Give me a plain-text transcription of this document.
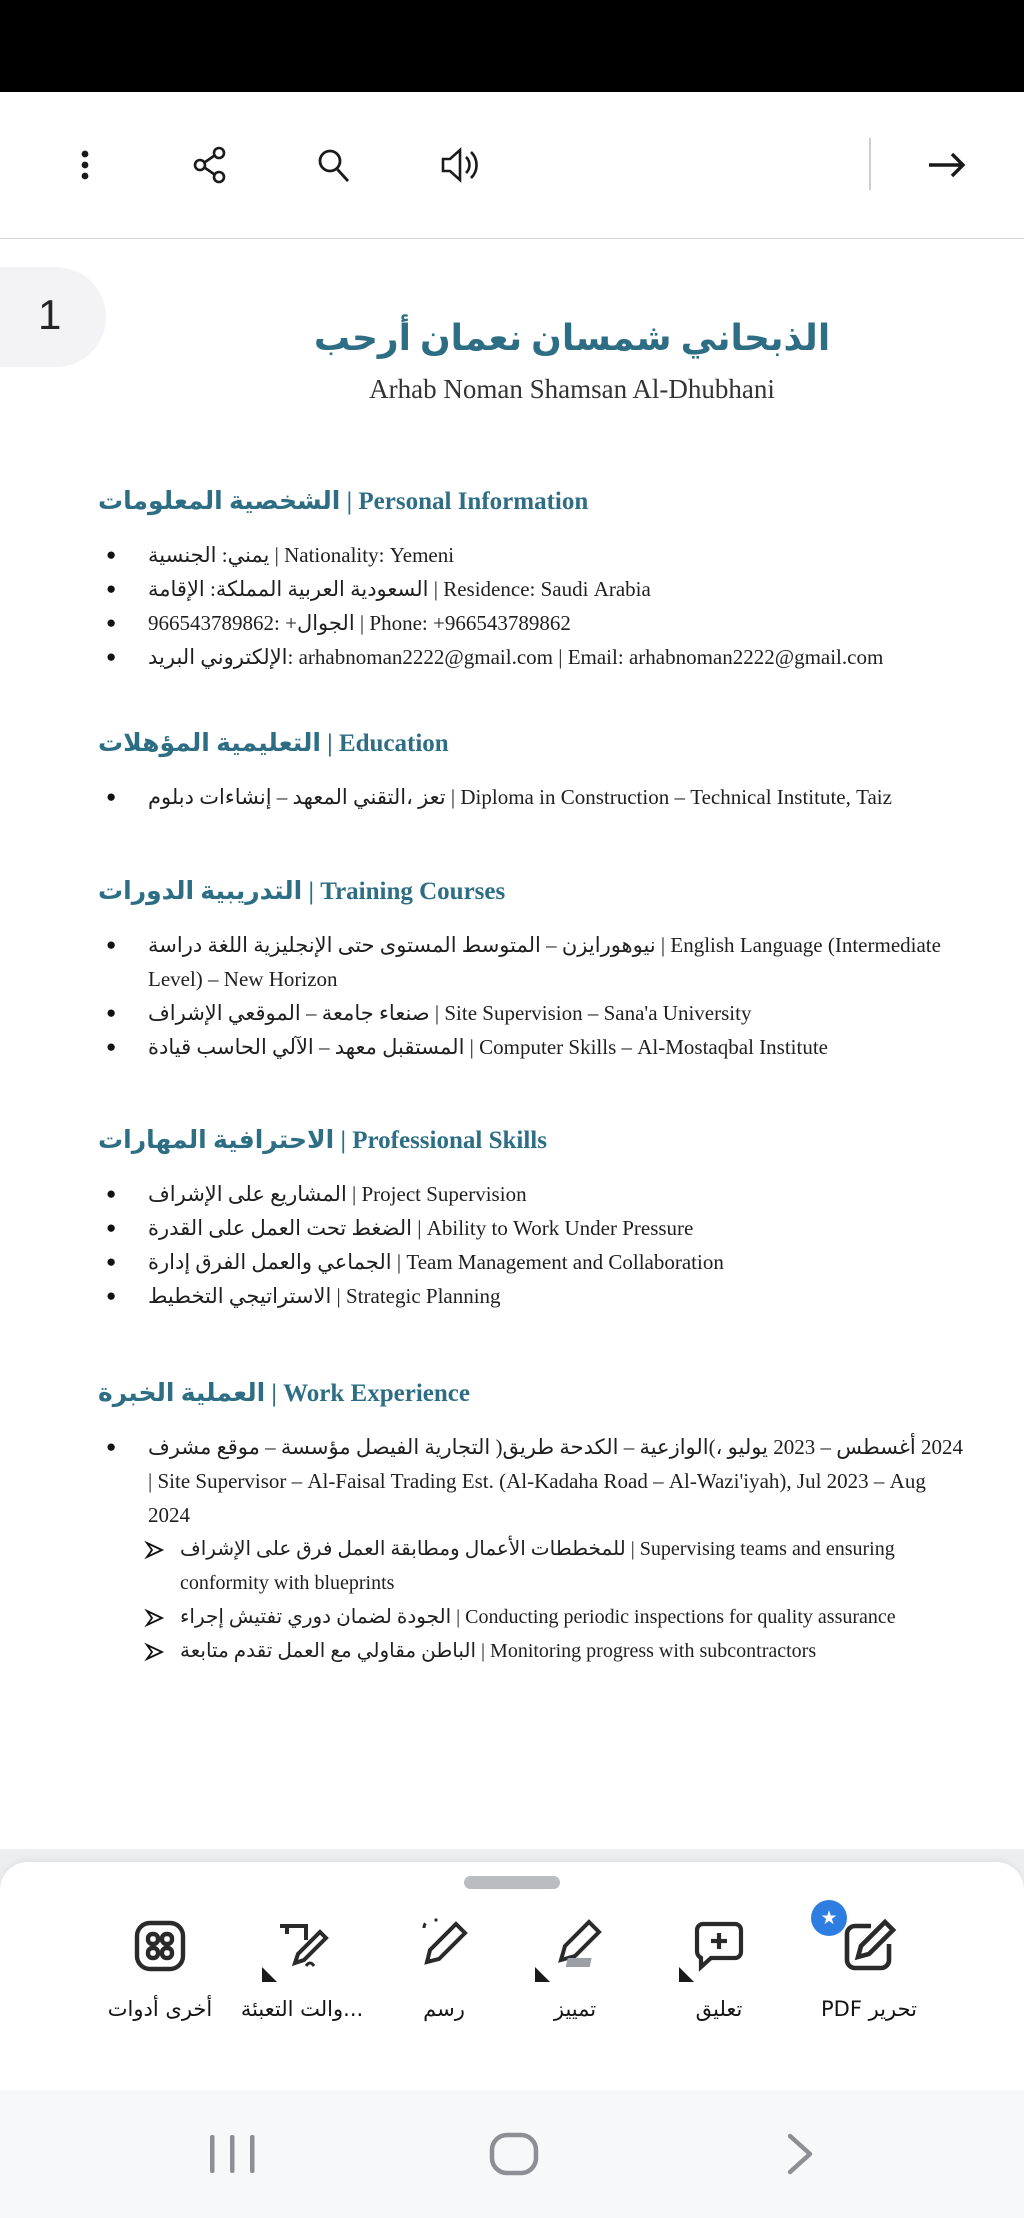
1	أرحب نعمان شمسان الذبحاني
Arhab Noman Shamsan Al-Dhubhani
المعلومات الشخصية | Personal Information
●	الجنسية :يمني | Nationality: Yemeni
●	الإقامة :المملكة العربية السعودية | Residence: Saudi Arabia
●	966543789862: +الجوال | Phone: +966543789862
●	البريد الإلكتروني: arhabnoman2222@gmail.com | Email: arhabnoman2222@gmail.com
المؤهلات التعليمية | Education
●	دبلوم إنشاءات – المعهد التقني، تعز | Diploma in Construction – Technical Institute, Taiz
الدورات التدريبية | Training Courses
●	دراسة اللغة الإنجليزية حتى المستوى المتوسط – نيوهورايزن | English Language (Intermediate Level) – New Horizon
●	الإشراف الموقعي – جامعة صنعاء | Site Supervision – Sana'a University
●	قيادة الحاسب الآلي – معهد المستقبل | Computer Skills – Al-Mostaqbal Institute
المهارات الاحترافية | Professional Skills
●	الإشراف على المشاريع | Project Supervision
●	القدرة على العمل تحت الضغط | Ability to Work Under Pressure
●	إدارة الفرق والعمل الجماعي | Team Management and Collaboration
●	التخطيط الاستراتيجي | Strategic Planning
الخبرة العملية | Work Experience
●	مشرف موقع – مؤسسة الفيصل التجارية )طريق الكدحة – الوازعية(، يوليو 2023 – أغسطس 2024 | Site Supervisor – Al-Faisal Trading Est. (Al-Kadaha Road – Al-Wazi'iyah), Jul 2023 – Aug 2024
الإشراف على فرق العمل ومطابقة الأعمال للمخططات | Supervising teams and ensuring conformity with blueprints
إجراء تفتيش دوري لضمان الجودة | Conducting periodic inspections for quality assurance
متابعة تقدم العمل مع مقاولي الباطن | Monitoring progress with subcontractors
أدوات أخرى	التعبئة والت...	رسم	تمييز	تعليق
★
تحرير PDF
